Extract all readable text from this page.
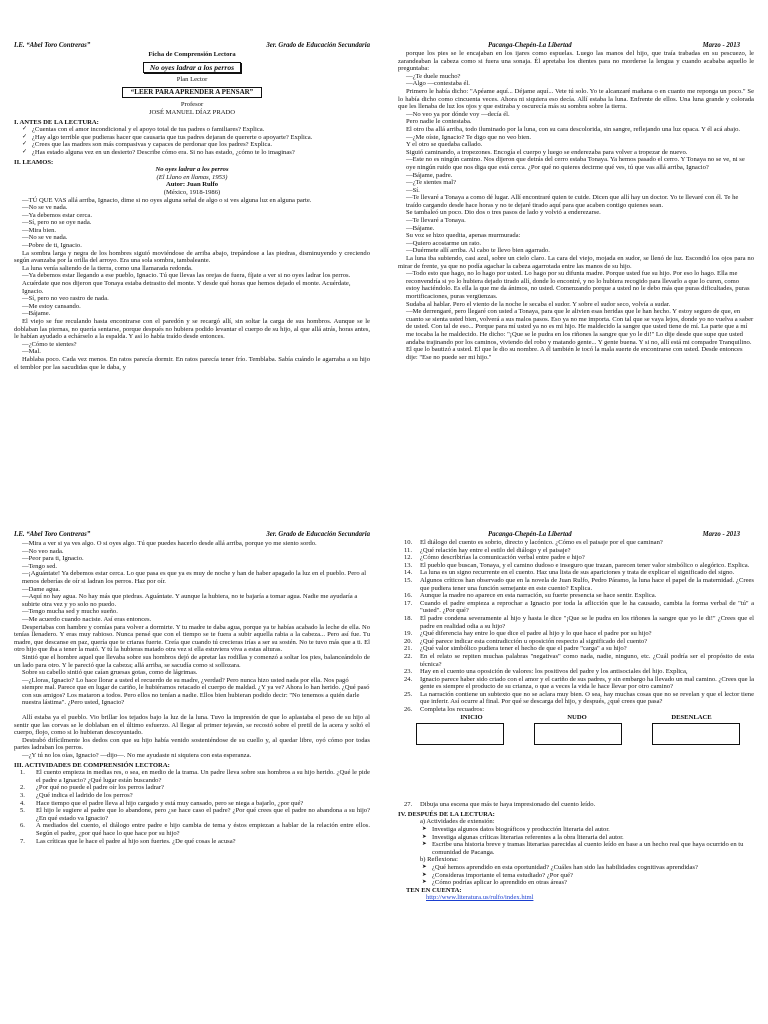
I.E. “Abel Toro Contreras”	3er. Grado de Educación Secundaria
Ficha de Comprensión Lectora
No oyes ladrar a los perros
Plan Lector
“LEER PARA APRENDER A PENSAR”
Profesor
JOSÉ MANUEL DÍAZ PRADO
I. ANTES DE LA LECTURA:
✓ ¿Cuentas con el amor incondicional y el apoyo total de tus padres o familiares? Explica.
✓ ¿Hay algo terrible que pudieras hacer que causaria que tus padres dejaran de quererte o apoyarte? Explica.
✓ ¿Crees que las madres son más compasivas y capaces de perdonar que los padres? Explica.
✓ ¿Has estado alguna vez en un desierto? Describe cómo era. Si no has estado, ¿cómo te lo imaginas?
II. LEAMOS:
No oyes ladrar a los perros
(El Llano en llamas, 1953)
Autor: Juan Rulfo
(México, 1918-1986)
—TÚ QUE VAS allá arriba, Ignacio, dime si no oyes alguna señal de algo o si ves alguna luz en alguna parte.
—No se ve nada.
—Ya debemos estar cerca.
—Sí, pero no se oye nada.
—Mira bien.
—No se ve nada.
—Pobre de ti, Ignacio.
La sombra larga y negra de los hombres siguió moviéndose de arriba abajo, trepándose a las piedras, disminuyendo y creciendo según avanzaba por la orilla del arroyo. Era una sola sombra, tambaleante.
La luna venía saliendo de la tierra, como una llamarada redonda.
—Ya debemos estar llegando a ese pueblo, Ignacio. Tú que llevas las orejas de fuera, fíjate a ver si no oyes ladrar los perros. Acuérdate que nos dijeron que Tonaya estaba detrasito del monte. Y desde qué horas que hemos dejado el monte. Acuérdate, Ignacio.
—Sí, pero no veo rastro de nada.
—Me estoy cansando.
—Bájame.
El viejo se fue reculando hasta encontrarse con el paredón y se recargó allí, sin soltar la carga de sus hombros. Aunque se le doblaban las piernas, no quería sentarse, porque después no hubiera podido levantar el cuerpo de su hijo, al que allá atrás, horas antes, le habían ayudado a echárselo a la espalda. Y así lo había traído desde entonces.
—¿Cómo te sientes?
—Mal.
Hablaba poco. Cada vez menos. En ratos parecía dormir. En ratos parecía tener frío. Temblaba. Sabía cuándo le agarraba a su hijo el temblor por las sacudidas que le daba, y
Pacanga-Chepén-La Libertad	Marzo - 2013
porque los pies se le encajaban en los ijares como espuelas. Luego las manos del hijo, que traía trabadas en su pescuezo, le zarandeaban la cabeza como si fuera una sonaja. Él apretaba los dientes para no morderse la lengua y cuando acababa aquello le preguntaba:
—¿Te duele mucho?
—Algo —contestaba él.
Primero le había dicho: "Apéame aquí... Déjame aquí... Vete tú solo. Yo te alcanzaré mañana o en cuanto me reponga un poco." Se lo había dicho como cincuenta veces. Ahora ni siquiera eso decía. Allí estaba la luna. Enfrente de ellos. Una luna grande y colorada que les llenaba de luz los ojos y que estiraba y oscurecía más su sombra sobre la tierra.
—No veo ya por dónde voy —decía él.
Pero nadie le contestaba.
El otro iba allá arriba, todo iluminado por la luna, con su cara descolorida, sin sangre, reflejando una luz opaca. Y él acá abajo.
—¿Me oíste, Ignacio? Te digo que no veo bien.
Y el otro se quedaba callado.
Siguió caminando, a tropezones. Encogía el cuerpo y luego se enderezaba para volver a tropezar de nuevo.
—Este no es ningún camino. Nos dijeron que detrás del cerro estaba Tonaya. Ya hemos pasado el cerro. Y Tonaya no se ve, ni se oye ningún ruido que nos diga que está cerca. ¿Por qué no quieres decirme qué ves, tú que vas allá arriba, Ignacio?
—Bájame, padre.
—¿Te sientes mal?
—Sí.
—Te llevaré a Tonaya a como dé lugar. Allí encontraré quien te cuide. Dicen que allí hay un doctor. Yo te llevaré con él. Te he traído cargando desde hace horas y no te dejaré tirado aquí para que acaben contigo quienes sean.
Se tambaleó un poco. Dio dos o tres pasos de lado y volvió a enderezarse.
—Te llevaré a Tonaya.
—Bájame.
Su voz se hizo quedita, apenas murmurada:
—Quiero acostarme un rato.
—Duérmete allí arriba. Al cabo te llevo bien agarrado.
La luna iba subiendo, casi azul, sobre un cielo claro. La cara del viejo, mojada en sudor, se llenó de luz. Escondió los ojos para no mirar de frente, ya que no podía agachar la cabeza agarrotada entre las manos de su hijo.
—Todo esto que hago, no lo hago por usted. Lo hago por su difunta madre. Porque usted fue su hijo. Por eso lo hago. Ella me reconvendría si yo lo hubiera dejado tirado allí, donde lo encontré, y no lo hubiera recogido para llevarlo a que lo curen, como estoy haciéndolo. Es ella la que me da ánimos, no usted. Comenzando porque a usted no le debo más que puras dificultades, puras mortificaciones, puras vergüenzas.
Sudaba al hablar. Pero el viento de la noche le secaba el sudor. Y sobre el sudor seco, volvía a sudar.
—Me derrengaré, pero llegaré con usted a Tonaya, para que le alivien esas heridas que le han hecho. Y estoy seguro de que, en cuanto se sienta usted bien, volverá a sus malos pasos. Eso ya no me importa. Con tal que se vaya lejos, donde yo no vuelva a saber de usted. Con tal de eso... Porque para mí usted ya no es mi hijo. He maldecido la sangre que usted tiene de mí. La parte que a mí me tocaba la he maldecido. He dicho: "¡Que se le pudra en los riñones la sangre que yo le di!" Lo dije desde que supe que usted andaba trajinando por los caminos, viviendo del robo y matando gente... Y gente buena. Y si no, allí está mi compadre Tranquilino. El que lo bautizó a usted. El que le dio su nombre. A él también le tocó la mala suerte de encontrarse con usted. Desde entonces dije: "Ese no puede ser mi hijo."
I.E. “Abel Toro Contreras”	3er. Grado de Educación Secundaria
—Mira a ver si ya ves algo. O si oyes algo. Tú que puedes hacerlo desde allá arriba, porque yo me siento sordo.
—No veo nada.
—Peor para ti, Ignacio.
—Tengo sed.
—¡Aguántate! Ya debemos estar cerca. Lo que pasa es que ya es muy de noche y han de haber apagado la luz en el pueblo. Pero al menos deberías de oír si ladran los perros. Haz por oír.
—Dame agua.
—Aquí no hay agua. No hay más que piedras. Aguántate. Y aunque la hubiera, no te bajaría a tomar agua. Nadie me ayudaría a subirte otra vez y yo solo no puedo.
—Tengo mucha sed y mucho sueño.
—Me acuerdo cuando naciste. Así eras entonces.
Despertabas con hambre y comías para volver a dormirte. Y tu madre te daba agua, porque ya te habías acabado la leche de ella. No tenías llenadero. Y eras muy rabioso. Nunca pensé que con el tiempo se te fuera a subir aquella rabia a la cabeza... Pero así fue. Tu madre, que descanse en paz, quería que te criaras fuerte. Creía que cuando tú crecieras irías a ser su sostén. No te tuvo más que a ti. El otro hijo que iba a tener la mató. Y tú la hubieras matado otra vez si ella estuviera viva a estas alturas.
Sintió que el hombre aquel que llevaba sobre sus hombros dejó de apretar las rodillas y comenzó a soltar los pies, balanceándolo de un lado para otro. Y le pareció que la cabeza; allá arriba, se sacudía como si sollozara.
Sobre su cabello sintió que caían gruesas gotas, como de lágrimas.
—¿Lloras, Ignacio? Lo hace llorar a usted el recuerdo de su madre, ¿verdad? Pero nunca hizo usted nada por ella. Nos pagó siempre mal. Parece que en lugar de cariño, le hubiéramos retacado el cuerpo de maldad. ¿Y ya ve? Ahora lo han herido. ¿Qué pasó con sus amigos? Los mataron a todos. Pero ellos no tenían a nadie. Ellos bien hubieran podido decir: "No tenemos a quién darle nuestra lástima". ¿Pero usted, Ignacio?
Allí estaba ya el pueblo. Vio brillar los tejados bajo la luz de la luna. Tuvo la impresión de que lo aplastaba el peso de su hijo al sentir que las corvas se le doblaban en el último esfuerzo. Al llegar al primer tejaván, se recostó sobre el pretil de la acera y soltó el cuerpo, flojo, como si lo hubieran descoyuntado.
Destrabó difícilmente los dedos con que su hijo había venido sosteniéndose de su cuello y, al quedar libre, oyó cómo por todas partes ladraban los perros.
—¿Y tú no los oías, Ignacio? —dijo—. No me ayudaste ni siquiera con esta esperanza.
III. ACTIVIDADES DE COMPRENSIÓN LECTORA:
1. El cuento empieza in medias res, o sea, en medio de la trama. Un padre lleva sobre sus hombros a su hijo herido. ¿Qué le pide el padre a Ignacio? ¿Qué lugar están buscando?
2. ¿Por qué no puede el padre oír los perros ladrar?
3. ¿Qué indica el ladrido de los perros?
4. Hace tiempo que el padre lleva al hijo cargado y está muy cansado, pero se niega a bajarlo, ¿por qué?
5. El hijo le sugiere al padre que lo abandone, pero ¿se hace caso el padre? ¿Por qué crees que el padre no abandona a su hijo? ¿En qué estado va Ignacio?
6. A mediados del cuento, el diálogo entre padre e hijo cambia de tema y éstos empiezan a hablar de la relación entre ellos. Según el padre, ¿por qué hace lo que hace por su hijo?
7. Las críticas que le hace el padre al hijo son fuertes. ¿De qué cosas le acusa?
Pacanga-Chepén-La Libertad	Marzo - 2013
10. El diálogo del cuento es sobrio, directo y lacónico. ¿Cómo es el paisaje por el que caminan?
11. ¿Qué relación hay entre el estilo del diálogo y el paisaje?
12. ¿Cómo describirías la comunicación verbal entre padre e hijo?
13. El pueblo que buscan, Tonaya, y el camino dudoso e inseguro que trazan, parecen tener valor simbólico o alegórico. Explica.
14. La luna es un signo recurrente en el cuento. Haz una lista de sus apariciones y trata de explicar el significado del signo.
15. Algunos críticos han observado que en la novela de Juan Rulfo, Pedro Páramo, la luna hace el papel de la maternidad. ¿Crees que pudiera tener una función semejante en este cuento? Explica.
16. Aunque la madre no aparece en esta narración, su fuerte presencia se hace sentir. Explica.
17. Cuando el padre empieza a reprochar a Ignacio por toda la aflicción que le ha causado, cambia la forma verbal de "tú" a "usted". ¿Por qué?
18. El padre condena severamente al hijo y hasta le dice "¡Que se le pudra en los riñones la sangre que yo le di!" ¿Crees que el padre en realidad odia a su hijo?
19. ¿Qué diferencia hay entre lo que dice el padre al hijo y lo que hace el padre por su hijo?
20. ¿Qué parece indicar esta contradicción u oposición respecto al significado del cuento?
21. ¿Qué valor simbólico pudiera tener el hecho de que el padre "carga" a su hijo?
22. En el relato se repiten muchas palabras "negativas" como nada, nadie, ninguno, etc. ¿Cuál podría ser el propósito de esta técnica?
23. Hay en el cuento una oposición de valores: los positivos del padre y los antisociales del hijo. Explica,
24. Ignacio parece haber sido criado con el amor y el cariño de sus padres, y sin embargo ha llevado un mal camino. ¿Crees que la gente es siempre el producto de su crianza, o que a veces la vida le hace llevar por otro camino?
25. La narración contiene un subtexto que no se aclara muy bien. O sea, hay muchas cosas que no se revelan y que el lector tiene que inferir. Así ocurre al final. Por qué se descarga del hijo, y después, ¿qué crees que pasa?
26. Completa los recuadros:
INICIO	NUDO	DESENLACE
27. Dibuja una escena que más te haya impresionado del cuento leído.
IV. DESPUÉS DE LA LECTURA:
a) Actividades de extensión:
➤ Investiga algunos datos biográficos y producción literaria del autor.
➤ Investiga algunas críticas literarias referentes a la obra literaria del autor.
➤ Escribe una historia breve y tramas literarias parecidas al cuento leído en base a un hecho real que haya ocurrido en tu comunidad de Pacanga.
b) Reflexiona:
➤ ¿Qué hemos aprendido en esta oportunidad? ¿Cuáles han sido las habilidades cognitivas aprendidas?
➤ ¿Consideras importante el tema estudiado? ¿Por qué?
➤ ¿Cómo podrías aplicar lo aprendido en otras áreas?
TEN EN CUENTA:
http://www.literatura.us/rulfo/index.html
